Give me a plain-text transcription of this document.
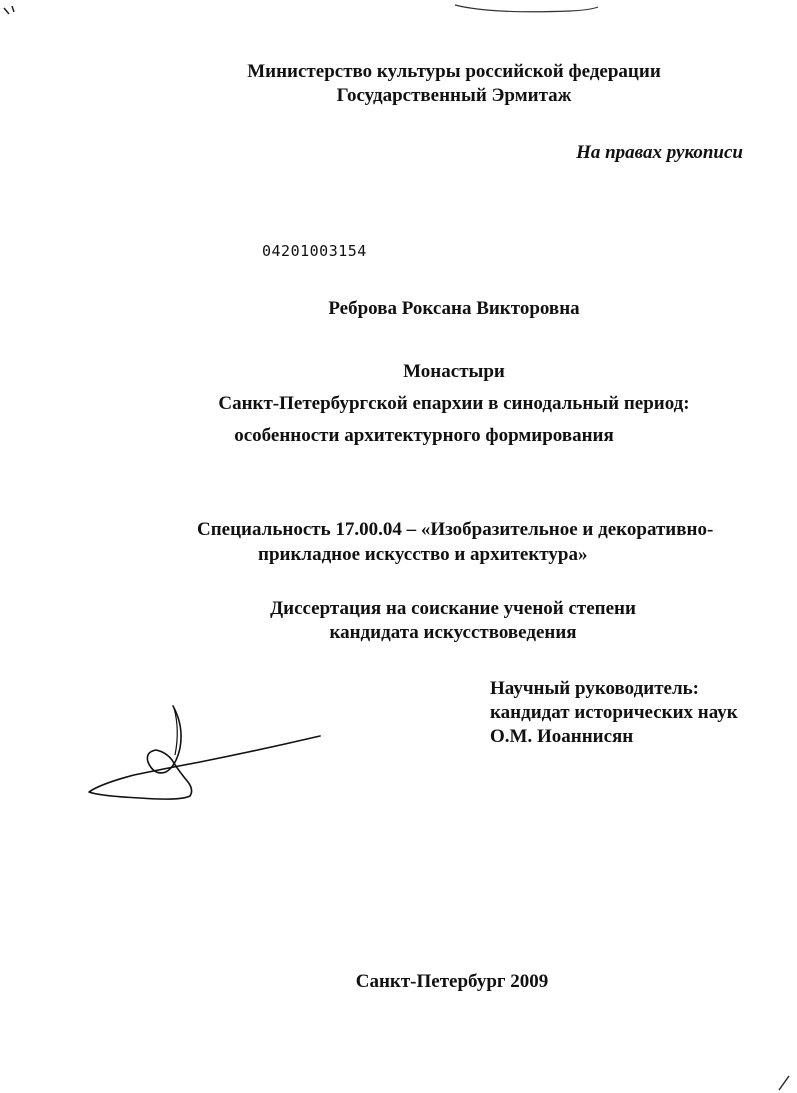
Министерство культуры российской федерации
Государственный Эрмитаж
На правах рукописи
04201003154
Реброва Роксана Викторовна
Монастыри
Санкт-Петербургской епархии в синодальный период:
особенности архитектурного формирования
Специальность 17.00.04 – «Изобразительное и декоративно-
прикладное искусство и архитектура»
Диссертация на соискание ученой степени
кандидата искусствоведения
Научный руководитель:
кандидат исторических наук
О.М. Иоаннисян
Санкт-Петербург 2009
